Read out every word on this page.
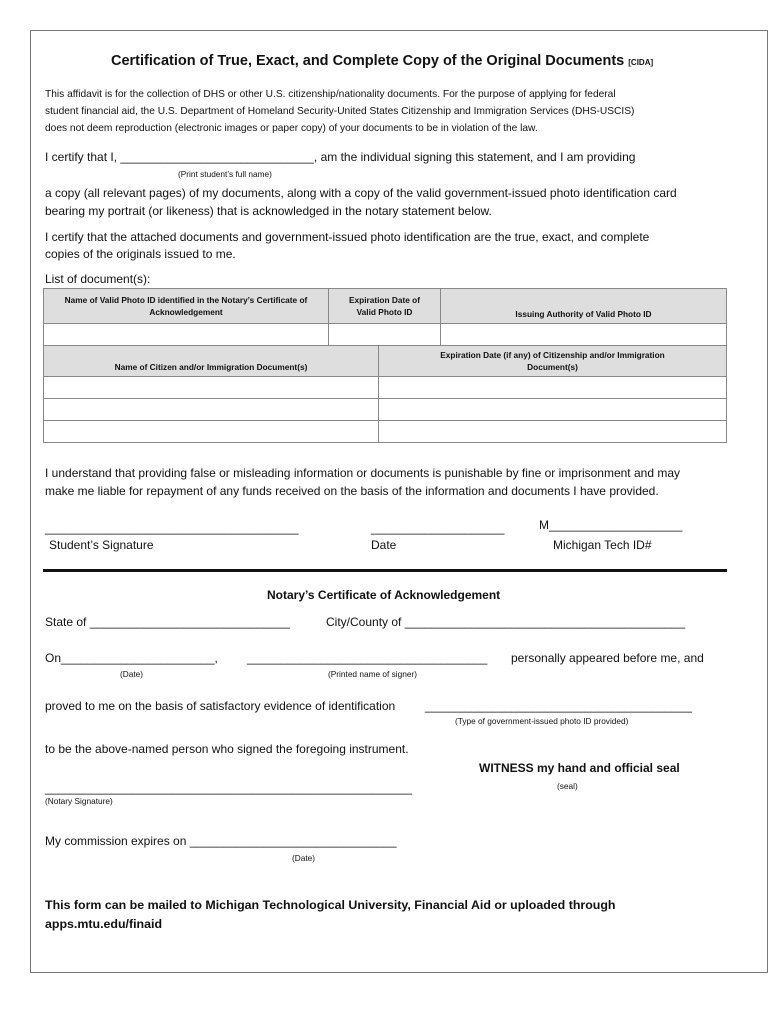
Certification of True, Exact, and Complete Copy of the Original Documents [CIDA]
This affidavit is for the collection of DHS or other U.S. citizenship/nationality documents. For the purpose of applying for federal
student financial aid, the U.S. Department of Homeland Security-United States Citizenship and Immigration Services (DHS-USCIS)
does not deem reproduction (electronic images or paper copy) of your documents to be in violation of the law.
I certify that I, _____________________________, am the individual signing this statement, and I am providing
(Print student’s full name)
a copy (all relevant pages) of my documents, along with a copy of the valid government-issued photo identification card
bearing my portrait (or likeness) that is acknowledged in the notary statement below.
I certify that the attached documents and government-issued photo identification are the true, exact, and complete
copies of the originals issued to me.
List of document(s):
Name of Valid Photo ID identified in the Notary’s Certificate of Acknowledgement	Expiration Date of Valid Photo ID	Issuing Authority of Valid Photo ID

Name of Citizen and/or Immigration Document(s)	Expiration Date (if any) of Citizenship and/or Immigration Document(s)

I understand that providing false or misleading information or documents is punishable by fine or imprisonment and may
make me liable for repayment of any funds received on the basis of the information and documents I have provided.
______________________________________	____________________	M____________________
Student’s Signature	Date	Michigan Tech ID#
Notary’s Certificate of Acknowledgement
State of ______________________________	City/County of __________________________________________
On_______________________, ____________________________________ personally appeared before me, and
(Date)	(Printed name of signer)
proved to me on the basis of satisfactory evidence of identification ________________________________________
(Type of government-issued photo ID provided)
to be the above-named person who signed the foregoing instrument.
WITNESS my hand and official seal
(seal)
_______________________________________________________
(Notary Signature)
My commission expires on _______________________________
(Date)
This form can be mailed to Michigan Technological University, Financial Aid or uploaded through
apps.mtu.edu/finaid
